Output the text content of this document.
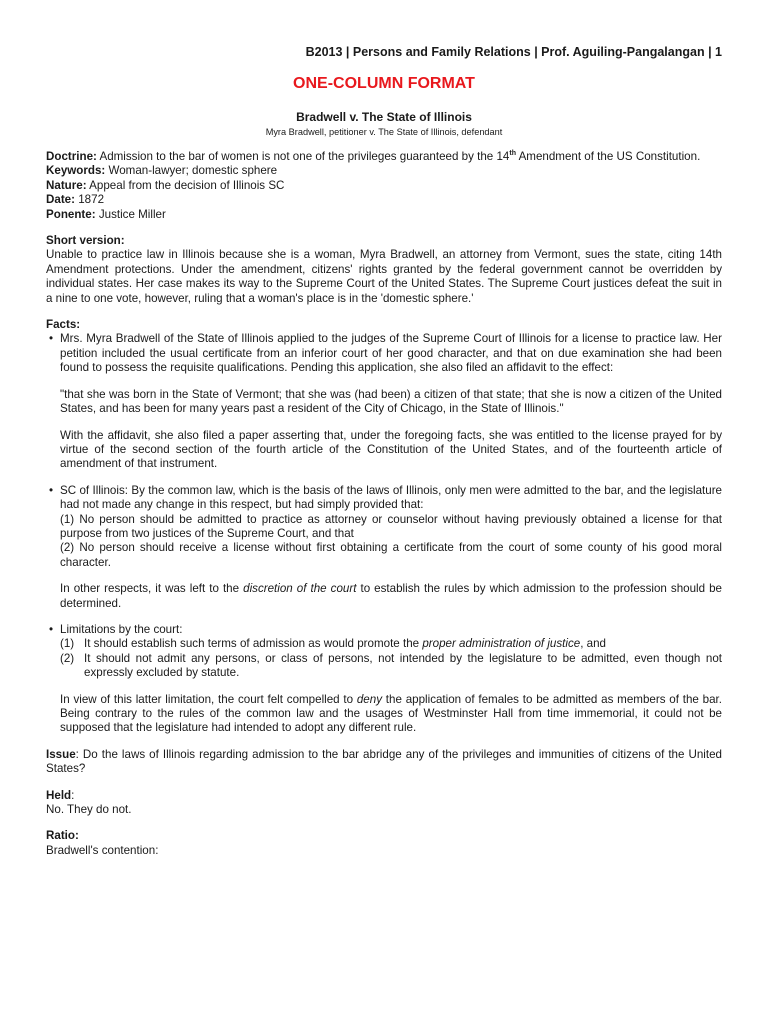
B2013 | Persons and Family Relations | Prof. Aguiling-Pangalangan | 1
ONE-COLUMN FORMAT
Bradwell v. The State of Illinois
Myra Bradwell, petitioner v. The State of Illinois, defendant

Doctrine: Admission to the bar of women is not one of the privileges guaranteed by the 14th Amendment of the US Constitution.

Keywords: Woman-lawyer; domestic sphere

Nature: Appeal from the decision of Illinois SC

Date: 1872

Ponente: Justice Miller

Short version:

Unable to practice law in Illinois because she is a woman, Myra Bradwell, an attorney from Vermont, sues the state, citing 14th Amendment protections. Under the amendment, citizens' rights granted by the federal government cannot be overridden by individual states. Her case makes its way to the Supreme Court of the United States. The Supreme Court justices defeat the suit in a nine to one vote, however, ruling that a woman's place is in the 'domestic sphere.'

Facts:

• Mrs. Myra Bradwell of the State of Illinois applied to the judges of the Supreme Court of Illinois for a license to practice law. Her petition included the usual certificate from an inferior court of her good character, and that on due examination she had been found to possess the requisite qualifications. Pending this application, she also filed an affidavit to the effect:

"that she was born in the State of Vermont; that she was (had been) a citizen of that state; that she is now a citizen of the United States, and has been for many years past a resident of the City of Chicago, in the State of Illinois."

With the affidavit, she also filed a paper asserting that, under the foregoing facts, she was entitled to the license prayed for by virtue of the second section of the fourth article of the Constitution of the United States, and of the fourteenth article of amendment of that instrument.

• SC of Illinois: By the common law, which is the basis of the laws of Illinois, only men were admitted to the bar, and the legislature had not made any change in this respect, but had simply provided that:

(1) No person should be admitted to practice as attorney or counselor without having previously obtained a license for that purpose from two justices of the Supreme Court, and that

(2) No person should receive a license without first obtaining a certificate from the court of some county of his good moral character.

In other respects, it was left to the discretion of the court to establish the rules by which admission to the profession should be determined.

• Limitations by the court:

(1) It should establish such terms of admission as would promote the proper administration of justice, and

(2) It should not admit any persons, or class of persons, not intended by the legislature to be admitted, even though not expressly excluded by statute.

In view of this latter limitation, the court felt compelled to deny the application of females to be admitted as members of the bar. Being contrary to the rules of the common law and the usages of Westminster Hall from time immemorial, it could not be supposed that the legislature had intended to adopt any different rule.

Issue: Do the laws of Illinois regarding admission to the bar abridge any of the privileges and immunities of citizens of the United States?

Held:

No. They do not.

Ratio:

Bradwell's contention:
